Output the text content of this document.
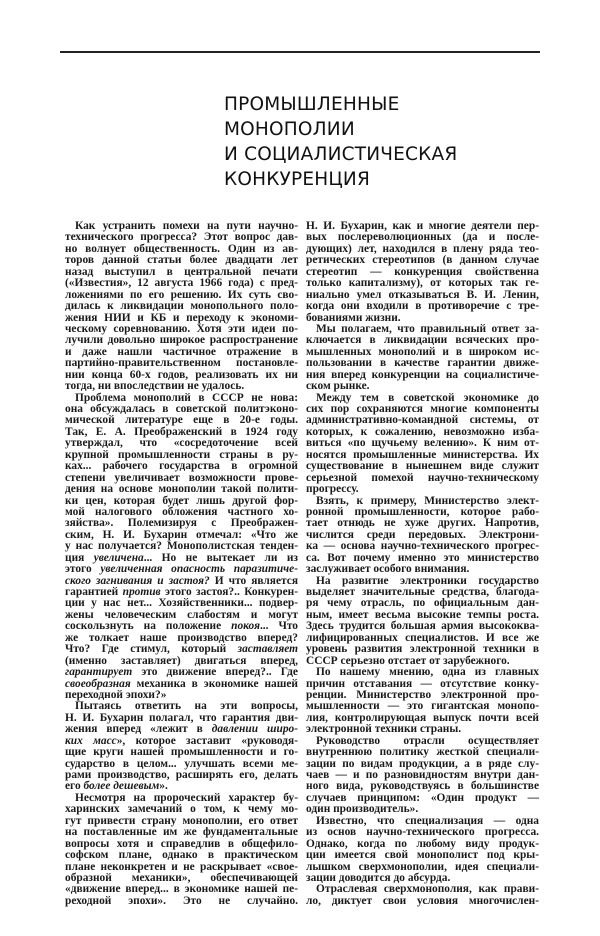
ПРОМЫШЛЕННЫЕ
МОНОПОЛИИ
И СОЦИАЛИСТИЧЕСКАЯ
КОНКУРЕНЦИЯ
Как устранить помехи на пути научно-
технического прогресса? Этот вопрос дав-
но волнует общественность. Один из ав-
торов данной статьи более двадцати лет
назад выступил в центральной печати
(«Известия», 12 августа 1966 года) с пред-
ложениями по его решению. Их суть сво-
дилась к ликвидации монопольного поло-
жения НИИ и КБ и переходу к экономи-
ческому соревнованию. Хотя эти идеи по-
лучили довольно широкое распространение
и даже нашли частичное отражение в
партийно-правительственном постановле-
нии конца 60-х годов, реализовать их ни
тогда, ни впоследствии не удалось.
Проблема монополий в СССР не нова:
она обсуждалась в советской политэконо-
мической литературе еще в 20-е годы.
Так, Е. А. Преображенский в 1924 году
утверждал, что «сосредоточение всей
крупной промышленности страны в ру-
ках... рабочего государства в огромной
степени увеличивает возможности прове-
дения на основе монополии такой полити-
ки цен, которая будет лишь другой фор-
мой налогового обложения частного хо-
зяйства». Полемизируя с Преображен-
ским, Н. И. Бухарин отмечал: «Что же
у нас получается? Монополистская тенден-
ция увеличена... Но не вытекает ли из
этого увеличенная опасность паразитиче-
ского загнивания и застоя? И что является
гарантией против этого застоя?.. Конкурен-
ции у нас нет... Хозяйственники... подвер-
жены человеческим слабостям и могут
соскользнуть на положение покоя... Что
же толкает наше производство вперед?
Что? Где стимул, который заставляет
(именно заставляет) двигаться вперед,
гарантирует это движение вперед?.. Где
своеобразная механика в экономике нашей
переходной эпохи?»
Пытаясь ответить на эти вопросы,
Н. И. Бухарин полагал, что гарантия дви-
жения вперед «лежит в давлении широ-
ких масс», которое заставит «руководя-
щие круги нашей промышленности и го-
сударство в целом... улучшать всеми ме-
рами производство, расширять его, делать
его более дешевым».
Несмотря на пророческий характер бу-
харинских замечаний о том, к чему мо-
гут привести страну монополии, его ответ
на поставленные им же фундаментальные
вопросы хотя и справедлив в общефило-
софском плане, однако в практическом
плане неконкретен и не раскрывает «свое-
образной механики», обеспечивающей
«движение вперед... в экономике нашей пе-
реходной эпохи». Это не случайно.
Н. И. Бухарин, как и многие деятели пер-
вых послереволюционных (да и после-
дующих) лет, находился в плену ряда тео-
ретических стереотипов (в данном случае
стереотип — конкуренция свойственна
только капитализму), от которых так ге-
ниально умел отказываться В. И. Ленин,
когда они входили в противоречие с тре-
бованиями жизни.
Мы полагаем, что правильный ответ за-
ключается в ликвидации всяческих про-
мышленных монополий и в широком ис-
пользовании в качестве гарантии движе-
ния вперед конкуренции на социалистиче-
ском рынке.
Между тем в советской экономике до
сих пор сохраняются многие компоненты
административно-командной системы, от
которых, к сожалению, невозможно изба-
виться «по щучьему велению». К ним от-
носятся промышленные министерства. Их
существование в нынешнем виде служит
серьезной помехой научно-техническому
прогрессу.
Взять, к примеру, Министерство элект-
ронной промышленности, которое рабо-
тает отнюдь не хуже других. Напротив,
числится среди передовых. Электрони-
ка — основа научно-технического прогрес-
са. Вот почему именно это министерство
заслуживает особого внимания.
На развитие электроники государство
выделяет значительные средства, благода-
ря чему отрасль, по официальным дан-
ным, имеет весьма высокие темпы роста.
Здесь трудится большая армия высококва-
лифицированных специалистов. И все же
уровень развития электронной техники в
СССР серьезно отстает от зарубежного.
По нашему мнению, одна из главных
причин отставания — отсутствие конку-
ренции. Министерство электронной про-
мышленности — это гигантская монопо-
лия, контролирующая выпуск почти всей
электронной техники страны.
Руководство отрасли осуществляет
внутреннюю политику жесткой специали-
зации по видам продукции, а в ряде слу-
чаев — и по разновидностям внутри дан-
ного вида, руководствуясь в большинстве
случаев принципом: «Один продукт —
один производитель».
Известно, что специализация — одна
из основ научно-технического прогресса.
Однако, когда по любому виду продук-
ции имеется свой монополист под кры-
лышком сверхмонополии, идея специали-
зации доводится до абсурда.
Отраслевая сверхмонополия, как прави-
ло, диктует свои условия многочислен-
